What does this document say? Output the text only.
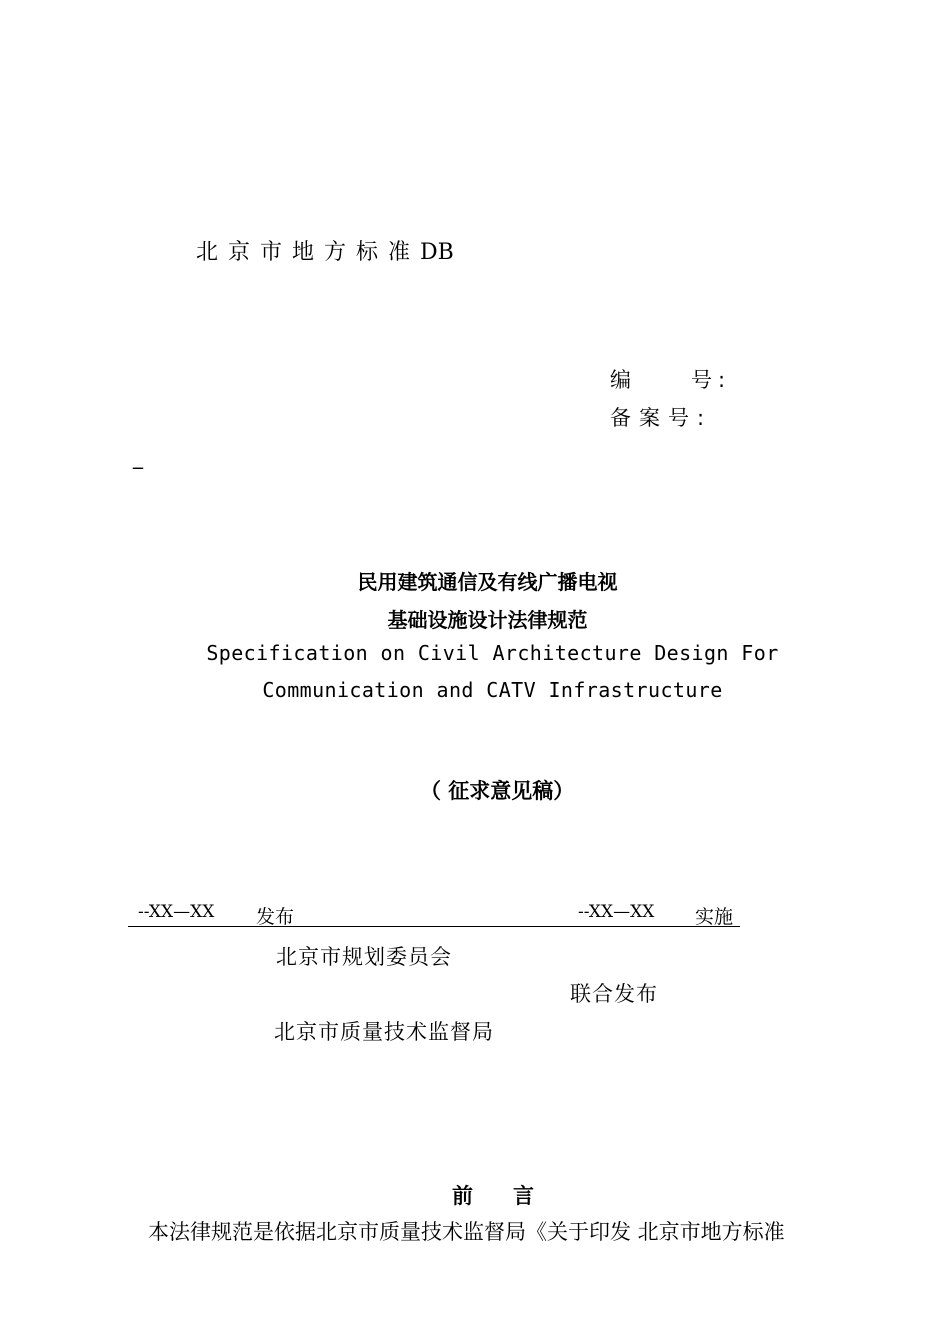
北京市地方标准DB
编　　号:
备案号:
_
民用建筑通信及有线广播电视
基础设施设计法律规范
Specification on Civil Architecture Design For
Communication and CATV Infrastructure
（ 征求意见稿）
--XX—XX 发布	--XX—XX 实施
北京市规划委员会
联合发布
北京市质量技术监督局
前言
本法律规范是依据北京市质量技术监督局《关于印发 北京市地方标准
